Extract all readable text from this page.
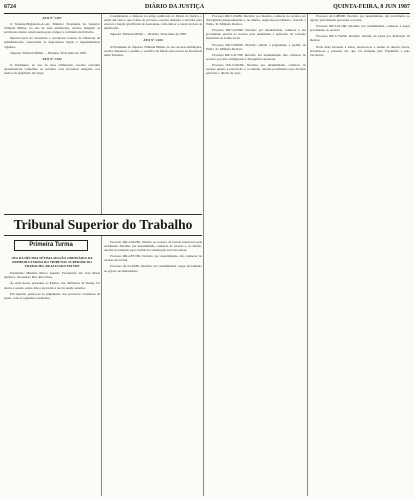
6724	DIÁRIO DA JUSTIÇA	QUINTA-FEIRA, 8 JUN 1987

ATO Nº 1.027

O Tenente-Brigadeiro-do-Ar, Ministro Presidente do Superior Tribunal Militar, no uso de suas atribuições, resolve designar os servidores abaixo relacionados para compor a comissão de licitação.

Diretor-Geral da Secretaria e servidores lotados na Diretoria de Administração, observadas as disposições legais e regulamentares vigentes.

Superior Tribunal Militar — Brasília, 30 de maio de 1987.

ATO Nº 1.032

O Presidente, no uso de suas atribuições, resolve conceder aposentadoria voluntária ao servidor com proventos integrais, nos termos da legislação em vigor.

Considerando o disposto no artigo publicado no Diário da Justiça, e tendo em vista o que consta do processo, resolve designar o servidor para exercer a função gratificada de Assistente, com efeitos a contar da data da publicação.

Superior Tribunal Militar — Brasília, 30 de maio de 1987.

ATO Nº 1.034

O Presidente do Superior Tribunal Militar, no uso de suas atribuições, resolve dispensar, a pedido, o servidor da função que exerce na Secretaria deste Tribunal.

Tribunal Superior do Trabalho
Primeira Turma

ATA DA DÉCIMA SÉTIMA SESSÃO ORDINÁRIA DA PRIMEIRA TURMA DO TRIBUNAL SUPERIOR DO TRABALHO, REALIZADA EM 1987

Presidente: Ministro Marco Aurélio. Procurador: Dr. José Maria Quadros. Secretário: Bel. Aldo Pires.

Às treze horas, presentes os Exmos. Srs. Ministros da Turma, foi aberta a sessão, sendo lida e aprovada a ata da sessão anterior.

Em seguida, passou-se ao julgamento dos processos constantes da pauta, com os seguintes resultados.

Processo RR-4.562/86, relativo ao recurso de revista interposto pela reclamada. Decisão: por unanimidade, conhecer do recurso e, no mérito, dar-lhe provimento para excluir da condenação as horas extras.

Processo RR-4.871/86. Decisão: por unanimidade, não conhecer do recurso de revista.

Processo AI-3.210/86. Decisão: por unanimidade, negar provimento ao agravo de instrumento.

Processo RR-5.104/86. Decisão: por maioria, conhecer do recurso por divergência jurisprudencial e, no mérito, negar-lhe provimento, vencido o Exmo. Sr. Ministro Relator.

Processo RR-5.233/86. Decisão: por unanimidade, conhecer e dar provimento parcial ao recurso para determinar a aplicação da correção monetária na forma da lei.

Processo RR-5.390/86. Decisão: adiado o julgamento a pedido do Exmo. Sr. Ministro Revisor.

Processo RR-5.417/86. Decisão: por unanimidade, não conhecer do recurso, por não configurada a divergência apontada.

Processo RR-5.502/86. Decisão: por unanimidade, conhecer do recurso quanto à prescrição e, no mérito, dar-lhe provimento para declarar prescrito o direito de ação.

Processo AI-3.488/86. Decisão: por unanimidade, dar provimento ao agravo para mandar processar a revista.

Processo RR-5.611/86. Decisão: por unanimidade, conhecer e negar provimento ao recurso.

Processo RR-5.734/86. Decisão: retirado de pauta por indicação do Relator.

Nada mais havendo a tratar, encerrou-se a sessão às dezoito horas, lavrando-se a presente ata, que vai assinada pelo Presidente e pelo Secretário.
